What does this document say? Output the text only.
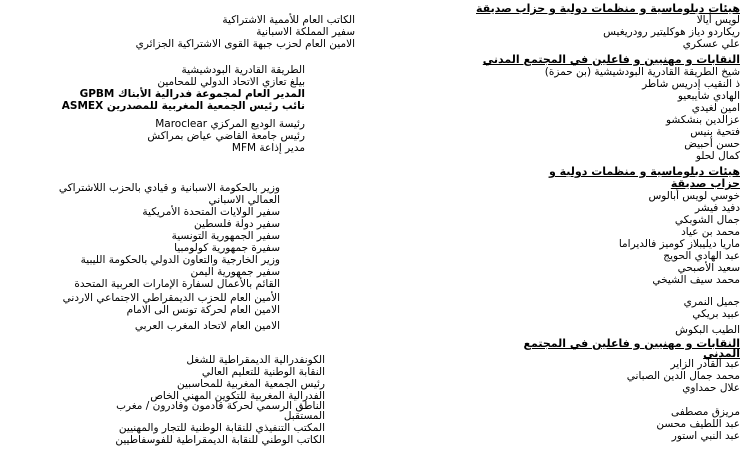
هيئات دبلوماسية و منظمات دولية و حزاب صديقة
لويس أيالا
الكاتب العام للأممية الاشتراكية
ريكاردو دياز هوكليتير رودريغيس
سفير المملكة الاسبانية
علي عسكري
الامين العام لحزب جبهة القوى الاشتراكية الجزائري
النقابات و مهنيين و فاعلين في المجتمع المدني
شيخ الطريقة القادرية البودشيشية (بن حمزة)
ذ النقيب إدريس شاطر
الهادي شايبعيو
امين لغيدي
عزالدين بنشكشو
فتحية بنيس
حسن أحبيض
كمال لحلو
الطريقة القادرية البودشيشية
بيلغ تعازي الاتحاد الدولي للمحامين
المدير العام لمجموعة فدرالية الأبناك GPBM
نائب رئيس الجمعية المغربية للمصدرين ASMEX
رئيسة الوديع المركزي Maroclear
رئيس جامعة القاضي عياض بمراكش
مدير إذاعة MFM
هيئات دبلوماسية و منظمات دولية و
حزاب صديقة
خوسي لويس أبالوس
دفيد فيشر
جمال الشوبكي
محمد بن عياد
ماريا ديليبلاز كوميز فالديراما
عبد الهادي الحويج
سعيد الأصبحي
محمد سيف الشيخي
وزير بالحكومة الاسبانية و قيادي بالحزب اللاشتراكي
العمالي الاسباني
سفير الولايات المتحدة الأمريكية
سفير دولة فلسطين
سفير الجمهورية التونسية
سفيرة جمهورية كولومبيا
وزير الخارجية والتعاون الدولي بالحكومة الليبية
سفير جمهورية اليمن
القائم بالأعمال لسفارة الإمارات العربية المتحدة
جميل النمري
الأمين العام للحزب الديمقراطي الاجتماعي الاردني
عبيد بريكي
الامين العام لحركة تونس الى الامام
الطيب البكوش
الامين العام لاتحاد المغرب العربي
النقابات و مهنيين و فاعلين في المجتمع
المدني
عبد القادر الزاير
محمد جمال الدين الصباني
علال حمداوي
مريزق مصطفى
عبد اللطيف محسن
عبد النبي استور
الكونفدرالية الديمقراطية للشغل
النقابة الوطنية للتعليم العالي
رئيس الجمعية المغربية للمحاسبين
الفدرالية المغربية للتكوين المهني الخاص
الناطق الرسمي لحركة قادمون وقادرون / مغرب
المستقبل
المكتب التنفيذي للنقابة الوطنية للتجار والمهنيين
الكاتب الوطني للنقابة الديمقراطية للفوسفاطيين
